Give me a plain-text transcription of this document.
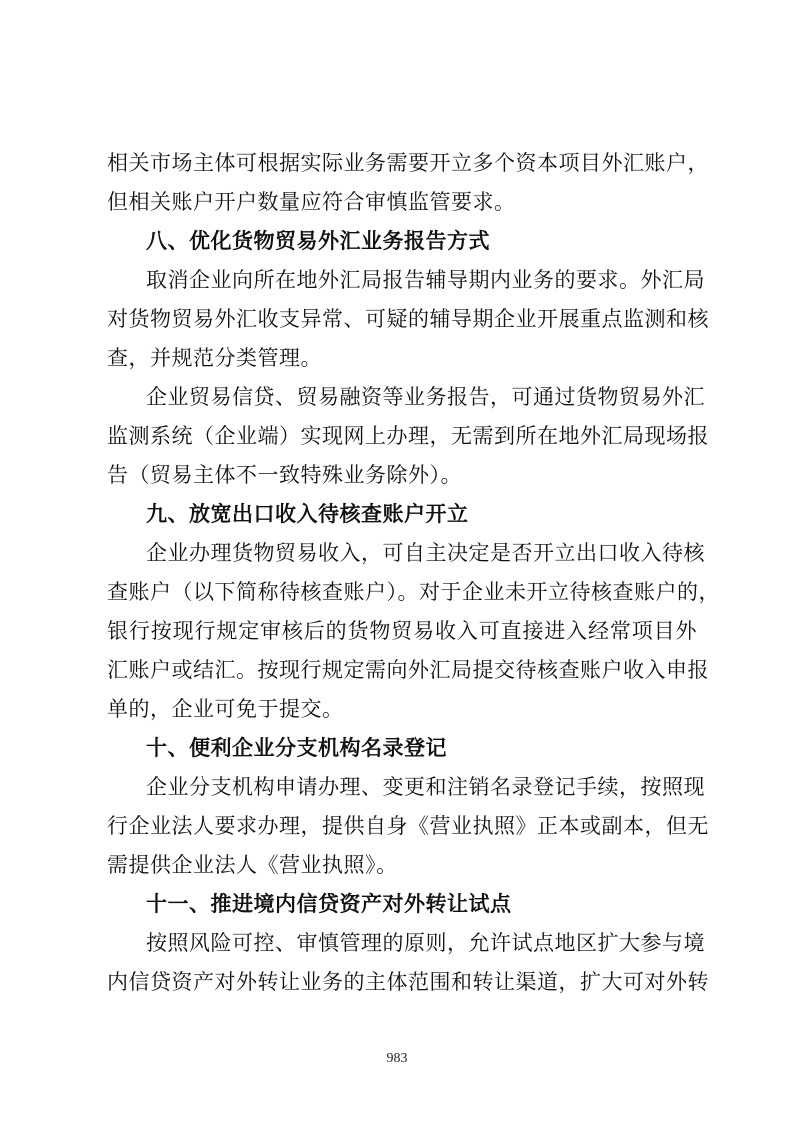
相关市场主体可根据实际业务需要开立多个资本项目外汇账户，
但相关账户开户数量应符合审慎监管要求。
八、优化货物贸易外汇业务报告方式
取消企业向所在地外汇局报告辅导期内业务的要求。外汇局
对货物贸易外汇收支异常、可疑的辅导期企业开展重点监测和核
查，并规范分类管理。
企业贸易信贷、贸易融资等业务报告，可通过货物贸易外汇
监测系统（企业端）实现网上办理，无需到所在地外汇局现场报
告（贸易主体不一致特殊业务除外）。
九、放宽出口收入待核查账户开立
企业办理货物贸易收入，可自主决定是否开立出口收入待核
查账户（以下简称待核查账户）。对于企业未开立待核查账户的，
银行按现行规定审核后的货物贸易收入可直接进入经常项目外
汇账户或结汇。按现行规定需向外汇局提交待核查账户收入申报
单的，企业可免于提交。
十、便利企业分支机构名录登记
企业分支机构申请办理、变更和注销名录登记手续，按照现
行企业法人要求办理，提供自身《营业执照》正本或副本，但无
需提供企业法人《营业执照》。
十一、推进境内信贷资产对外转让试点
按照风险可控、审慎管理的原则，允许试点地区扩大参与境
内信贷资产对外转让业务的主体范围和转让渠道，扩大可对外转
983
